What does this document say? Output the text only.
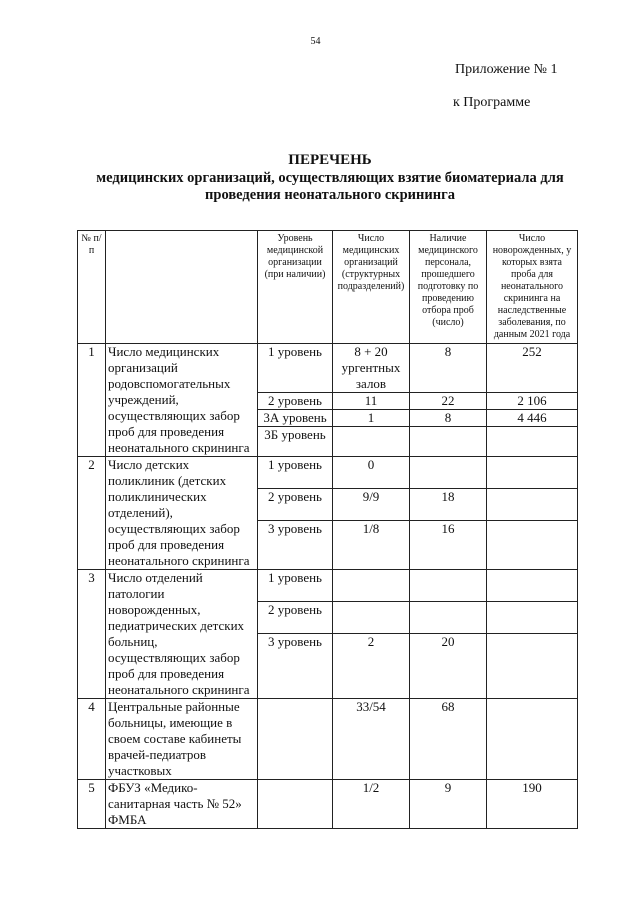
54
Приложение № 1
к Программе
ПЕРЕЧЕНЬ
медицинских организаций, осуществляющих взятие биоматериала для
проведения неонатального скрининга
№ п/п		Уровень медицинской организации (при наличии)	Число медицинских организаций (структурных подразделений)	Наличие медицинского персонала, прошедшего подготовку по проведению отбора проб (число)	Число новорожденных, у которых взята проба для неонатального скрининга на наследственные заболевания, по данным 2021 года
1	Число медицинских организаций родовспомогательных учреждений, осуществляющих забор проб для проведения неонатального скрининга	1 уровень	8 + 20 ургентных залов	8	252
		2 уровень	11	22	2 106
		3А уровень	1	8	4 446
		3Б уровень			
2	Число детских поликлиник (детских поликлинических отделений), осуществляющих забор проб для проведения неонатального скрининга	1 уровень	0		
		2 уровень	9/9	18	
		3 уровень	1/8	16	
3	Число отделений патологии новорожденных, педиатрических детских больниц, осуществляющих забор проб для проведения неонатального скрининга	1 уровень			
		2 уровень			
		3 уровень	2	20	
4	Центральные районные больницы, имеющие в своем составе кабинеты врачей-педиатров участковых		33/54	68	
5	ФБУЗ «Медико-санитарная часть № 52» ФМБА		1/2	9	190
